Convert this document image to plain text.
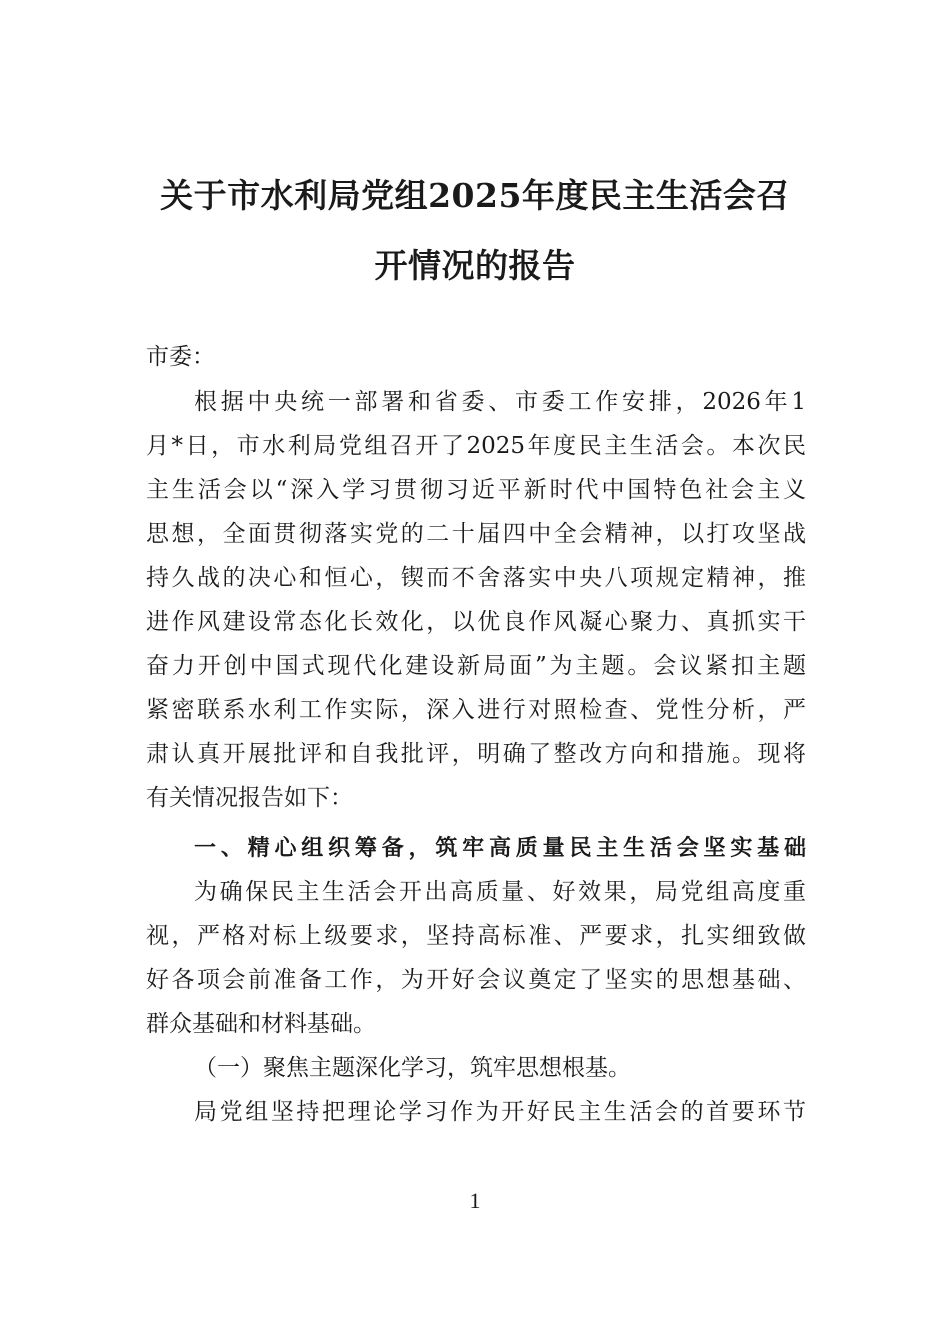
关于市水利局党组2025年度民主生活会召
开情况的报告
市委：
根据中央统一部署和省委、市委工作安排，2026年1
月*日，市水利局党组召开了2025年度民主生活会。本次民
主生活会以“深入学习贯彻习近平新时代中国特色社会主义
思想，全面贯彻落实党的二十届四中全会精神，以打攻坚战
持久战的决心和恒心，锲而不舍落实中央八项规定精神，推
进作风建设常态化长效化，以优良作风凝心聚力、真抓实干
奋力开创中国式现代化建设新局面”为主题。会议紧扣主题
紧密联系水利工作实际，深入进行对照检查、党性分析，严
肃认真开展批评和自我批评，明确了整改方向和措施。现将
有关情况报告如下：
一、精心组织筹备，筑牢高质量民主生活会坚实基础
为确保民主生活会开出高质量、好效果，局党组高度重
视，严格对标上级要求，坚持高标准、严要求，扎实细致做
好各项会前准备工作，为开好会议奠定了坚实的思想基础、
群众基础和材料基础。
（一）聚焦主题深化学习，筑牢思想根基。
局党组坚持把理论学习作为开好民主生活会的首要环节
1
